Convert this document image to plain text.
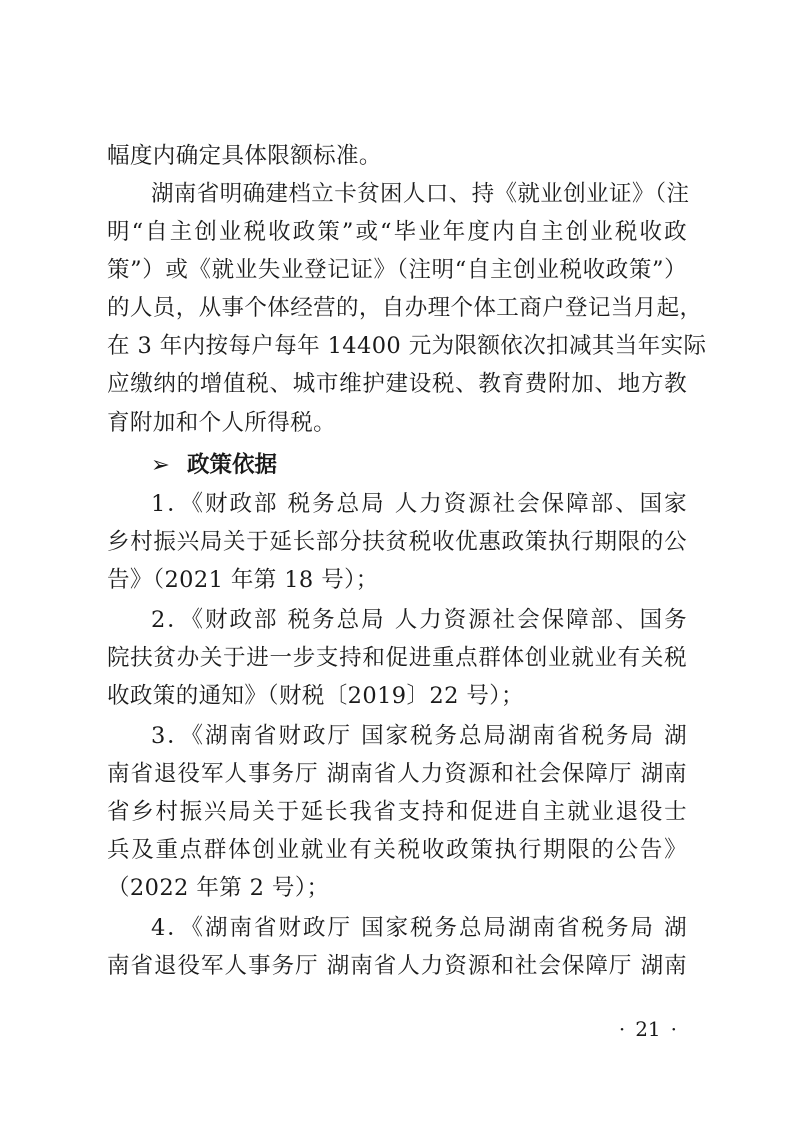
幅度内确定具体限额标准。
湖南省明确建档立卡贫困人口、持《就业创业证》（注
明“自主创业税收政策”或“毕业年度内自主创业税收政
策”）或《就业失业登记证》（注明“自主创业税收政策”）
的人员，从事个体经营的，自办理个体工商户登记当月起，
在 3 年内按每户每年 14400 元为限额依次扣减其当年实际
应缴纳的增值税、城市维护建设税、教育费附加、地方教
育附加和个人所得税。
➢ 政策依据
1．《财政部 税务总局 人力资源社会保障部、国家
乡村振兴局关于延长部分扶贫税收优惠政策执行期限的公
告》（2021 年第 18 号）；
2．《财政部 税务总局 人力资源社会保障部、国务
院扶贫办关于进一步支持和促进重点群体创业就业有关税
收政策的通知》（财税〔2019〕22 号）；
3．《湖南省财政厅 国家税务总局湖南省税务局 湖
南省退役军人事务厅 湖南省人力资源和社会保障厅 湖南
省乡村振兴局关于延长我省支持和促进自主就业退役士
兵及重点群体创业就业有关税收政策执行期限的公告》
（2022 年第 2 号）；
4．《湖南省财政厅 国家税务总局湖南省税务局 湖
南省退役军人事务厅 湖南省人力资源和社会保障厅 湖南
· 21 ·
